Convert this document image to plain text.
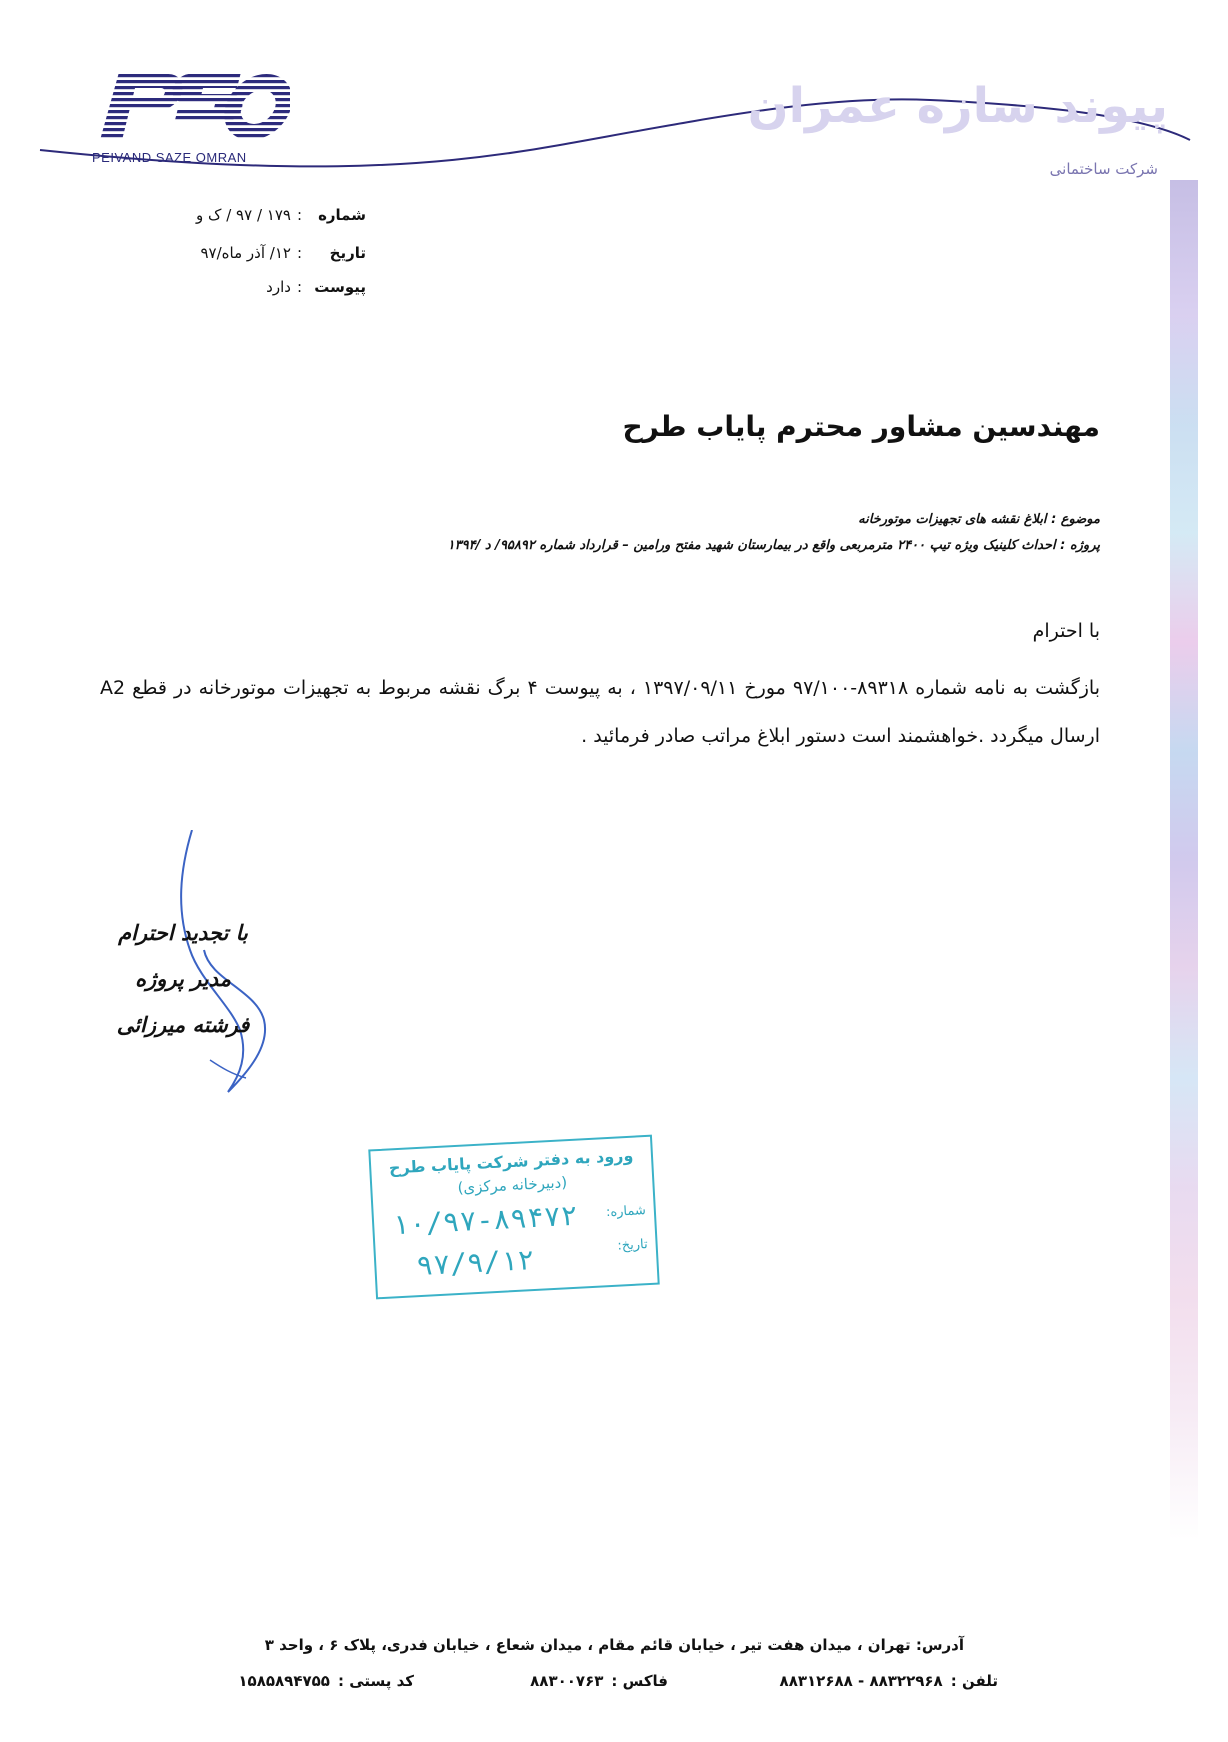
PEIVAND SAZE OMRAN
پیوند سازه عمران
شرکت ساختمانی
شماره:۱۷۹ / ۹۷ / ک و
تاریخ:۱۲/ آذر ماه/۹۷
پیوست:دارد
مهندسین مشاور محترم پایاب طرح
موضوع : ابلاغ نقشه های تجهیزات موتورخانه
پروژه : احداث کلینیک ویژه تیپ ۲۴۰۰ مترمربعی واقع در بیمارستان شهید مفتح ورامین – قرارداد شماره ۹۵۸۹۲/ د /۱۳۹۴
با احترام
بازگشت به نامه شماره ۸۹۳۱۸-۹۷/۱۰۰ مورخ ۱۳۹۷/۰۹/۱۱ ، به پیوست ۴ برگ نقشه مربوط به تجهیزات موتورخانه در قطع A2 ارسال میگردد .خواهشمند است دستور ابلاغ مراتب صادر فرمائید .
با تجدید احترام
مدیر پروژه
فرشته میرزائی
ورود به دفتر شرکت پایاب طرح
(دبیرخانه مرکزی)
شماره:
تاریخ:
۱۰/۹۷-۸۹۴۷۲
۹۷/۹/۱۲
آدرس: تهران ، میدان هفت تیر ، خیابان قائم مقام ، میدان شعاع ، خیابان فدری، پلاک ۶ ، واحد ۳
تلفن :۸۸۳۲۲۹۶۸ - ۸۸۳۱۲۶۸۸
فاکس :۸۸۳۰۰۷۶۳
کد پستی :۱۵۸۵۸۹۴۷۵۵
